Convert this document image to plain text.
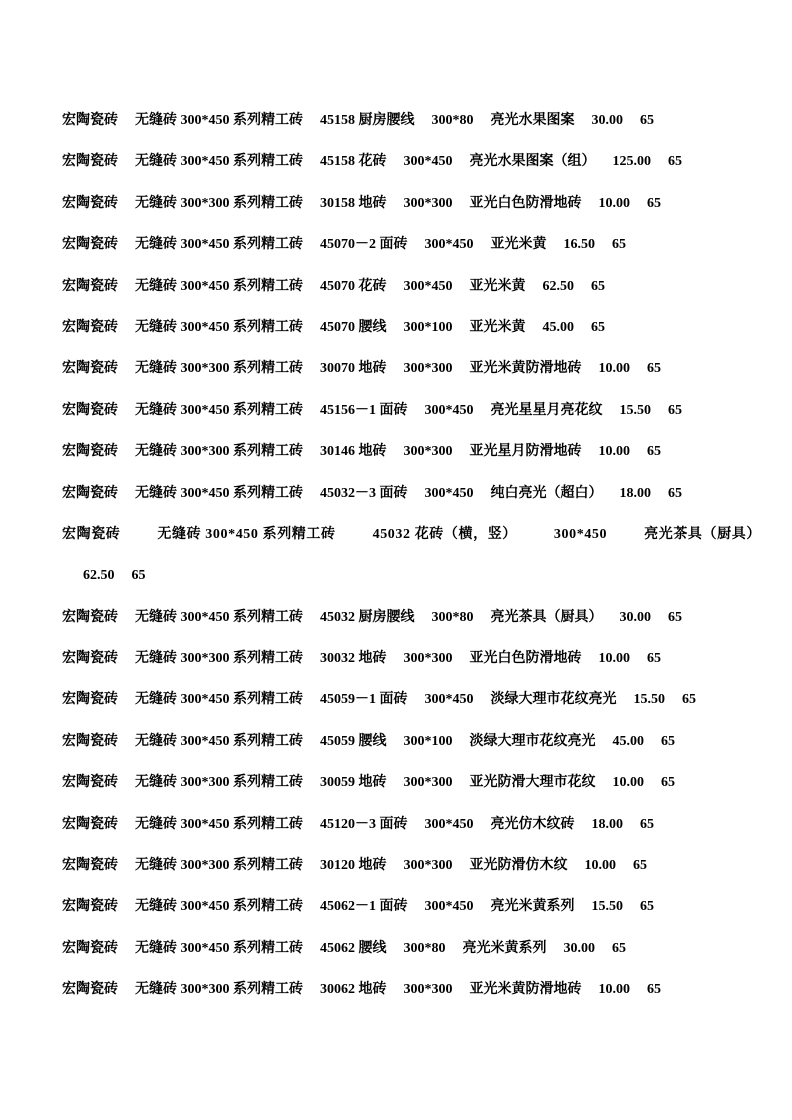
宏陶瓷砖 无缝砖 300*450 系列精工砖 45158 厨房腰线 300*80 亮光水果图案 30.00 65
宏陶瓷砖 无缝砖 300*450 系列精工砖 45158 花砖 300*450 亮光水果图案（组） 125.00 65
宏陶瓷砖 无缝砖 300*300 系列精工砖 30158 地砖 300*300 亚光白色防滑地砖 10.00 65
宏陶瓷砖 无缝砖 300*450 系列精工砖 45070－2 面砖 300*450 亚光米黄 16.50 65
宏陶瓷砖 无缝砖 300*450 系列精工砖 45070 花砖 300*450 亚光米黄 62.50 65
宏陶瓷砖 无缝砖 300*450 系列精工砖 45070 腰线 300*100 亚光米黄 45.00 65
宏陶瓷砖 无缝砖 300*300 系列精工砖 30070 地砖 300*300 亚光米黄防滑地砖 10.00 65
宏陶瓷砖 无缝砖 300*450 系列精工砖 45156－1 面砖 300*450 亮光星星月亮花纹 15.50 65
宏陶瓷砖 无缝砖 300*300 系列精工砖 30146 地砖 300*300 亚光星月防滑地砖 10.00 65
宏陶瓷砖 无缝砖 300*450 系列精工砖 45032－3 面砖 300*450 纯白亮光（超白） 18.00 65
宏陶瓷砖	无缝砖 300*450 系列精工砖	45032 花砖（横，竖）	300*450	亮光茶具（厨具）
62.50 65
宏陶瓷砖 无缝砖 300*450 系列精工砖 45032 厨房腰线 300*80 亮光茶具（厨具） 30.00 65
宏陶瓷砖 无缝砖 300*300 系列精工砖 30032 地砖 300*300 亚光白色防滑地砖 10.00 65
宏陶瓷砖 无缝砖 300*450 系列精工砖 45059－1 面砖 300*450 淡绿大理市花纹亮光 15.50 65
宏陶瓷砖 无缝砖 300*450 系列精工砖 45059 腰线 300*100 淡绿大理市花纹亮光 45.00 65
宏陶瓷砖 无缝砖 300*300 系列精工砖 30059 地砖 300*300 亚光防滑大理市花纹 10.00 65
宏陶瓷砖 无缝砖 300*450 系列精工砖 45120－3 面砖 300*450 亮光仿木纹砖 18.00 65
宏陶瓷砖 无缝砖 300*300 系列精工砖 30120 地砖 300*300 亚光防滑仿木纹 10.00 65
宏陶瓷砖 无缝砖 300*450 系列精工砖 45062－1 面砖 300*450 亮光米黄系列 15.50 65
宏陶瓷砖 无缝砖 300*450 系列精工砖 45062 腰线 300*80 亮光米黄系列 30.00 65
宏陶瓷砖 无缝砖 300*300 系列精工砖 30062 地砖 300*300 亚光米黄防滑地砖 10.00 65
